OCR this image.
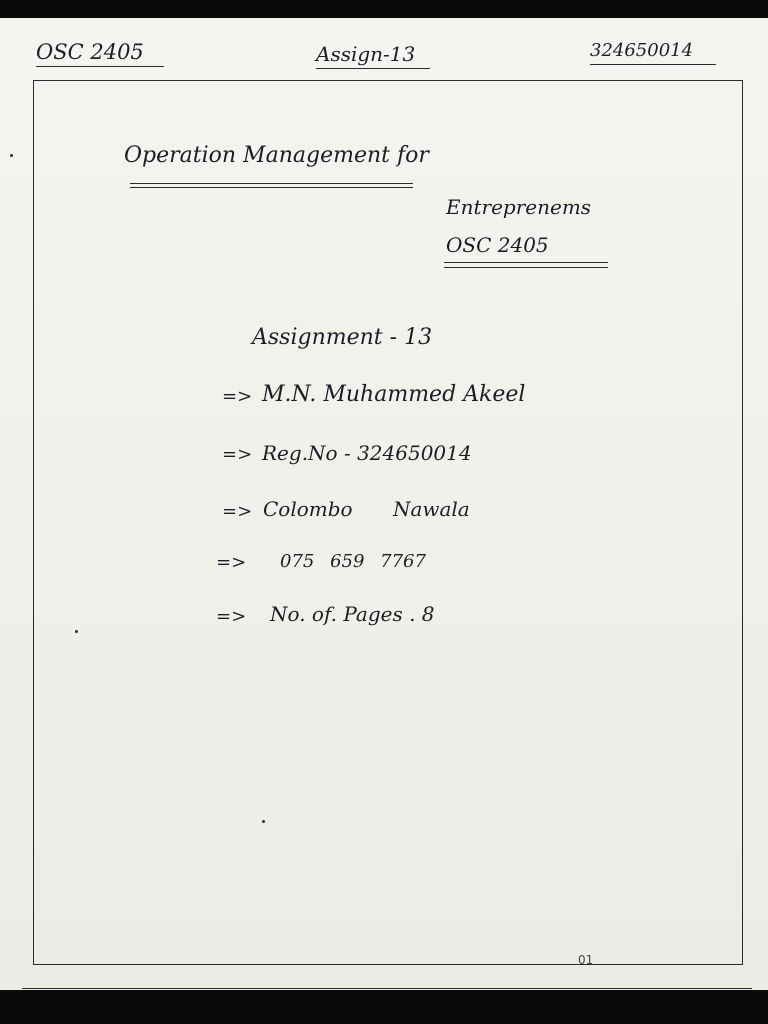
OSC 2405	Assign-13	324650014
Operation Management for
Entreprenems
OSC 2405
Assignment - 13
=> M.N. Muhammed Akeel
=> Reg.No - 324650014
=> Colombo Nawala
=> 075 659 7767
=> No. of. Pages . 8
01
